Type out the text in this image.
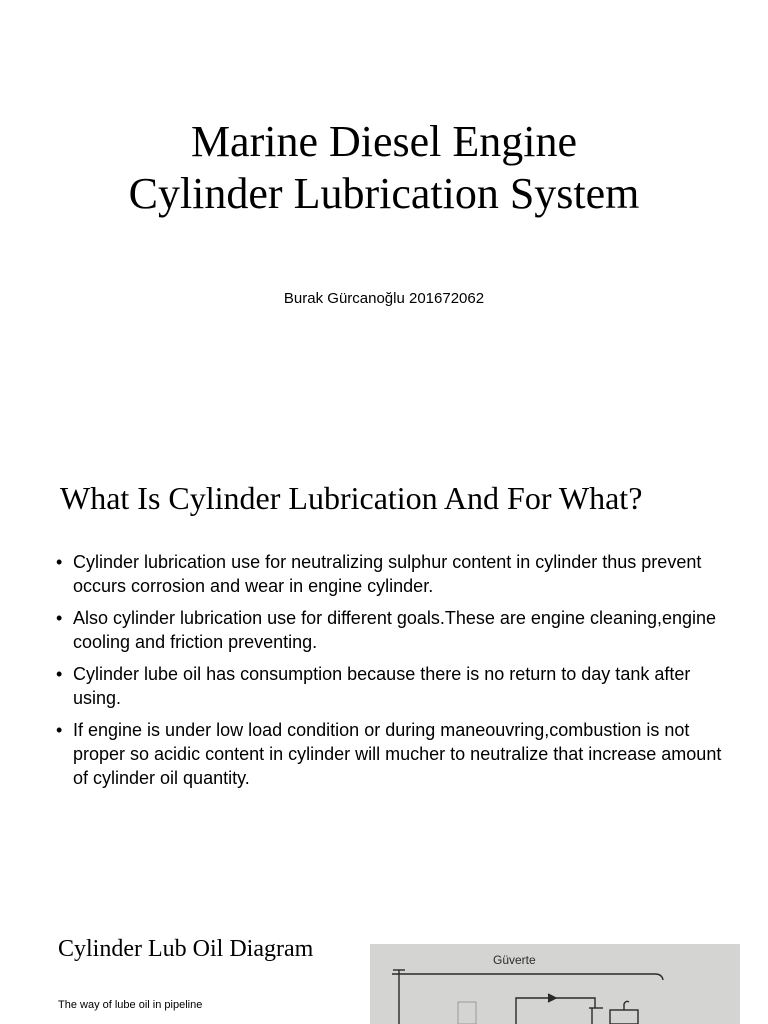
Marine Diesel Engine
Cylinder Lubrication System
Burak Gürcanoğlu 201672062
What Is Cylinder Lubrication And For What?
• Cylinder lubrication use for neutralizing sulphur content in cylinder thus prevent occurs corrosion and wear in engine cylinder.
• Also cylinder lubrication use for different goals.These are engine cleaning,engine cooling and friction preventing.
• Cylinder lube oil has consumption because there is no return to day tank after using.
• If engine is under low load condition or during maneouvring,combustion is not proper so acidic content in cylinder will mucher to neutralize that increase amount of cylinder oil quantity.
Cylinder Lub Oil Diagram
The way of lube oil in pipeline
Güverte
